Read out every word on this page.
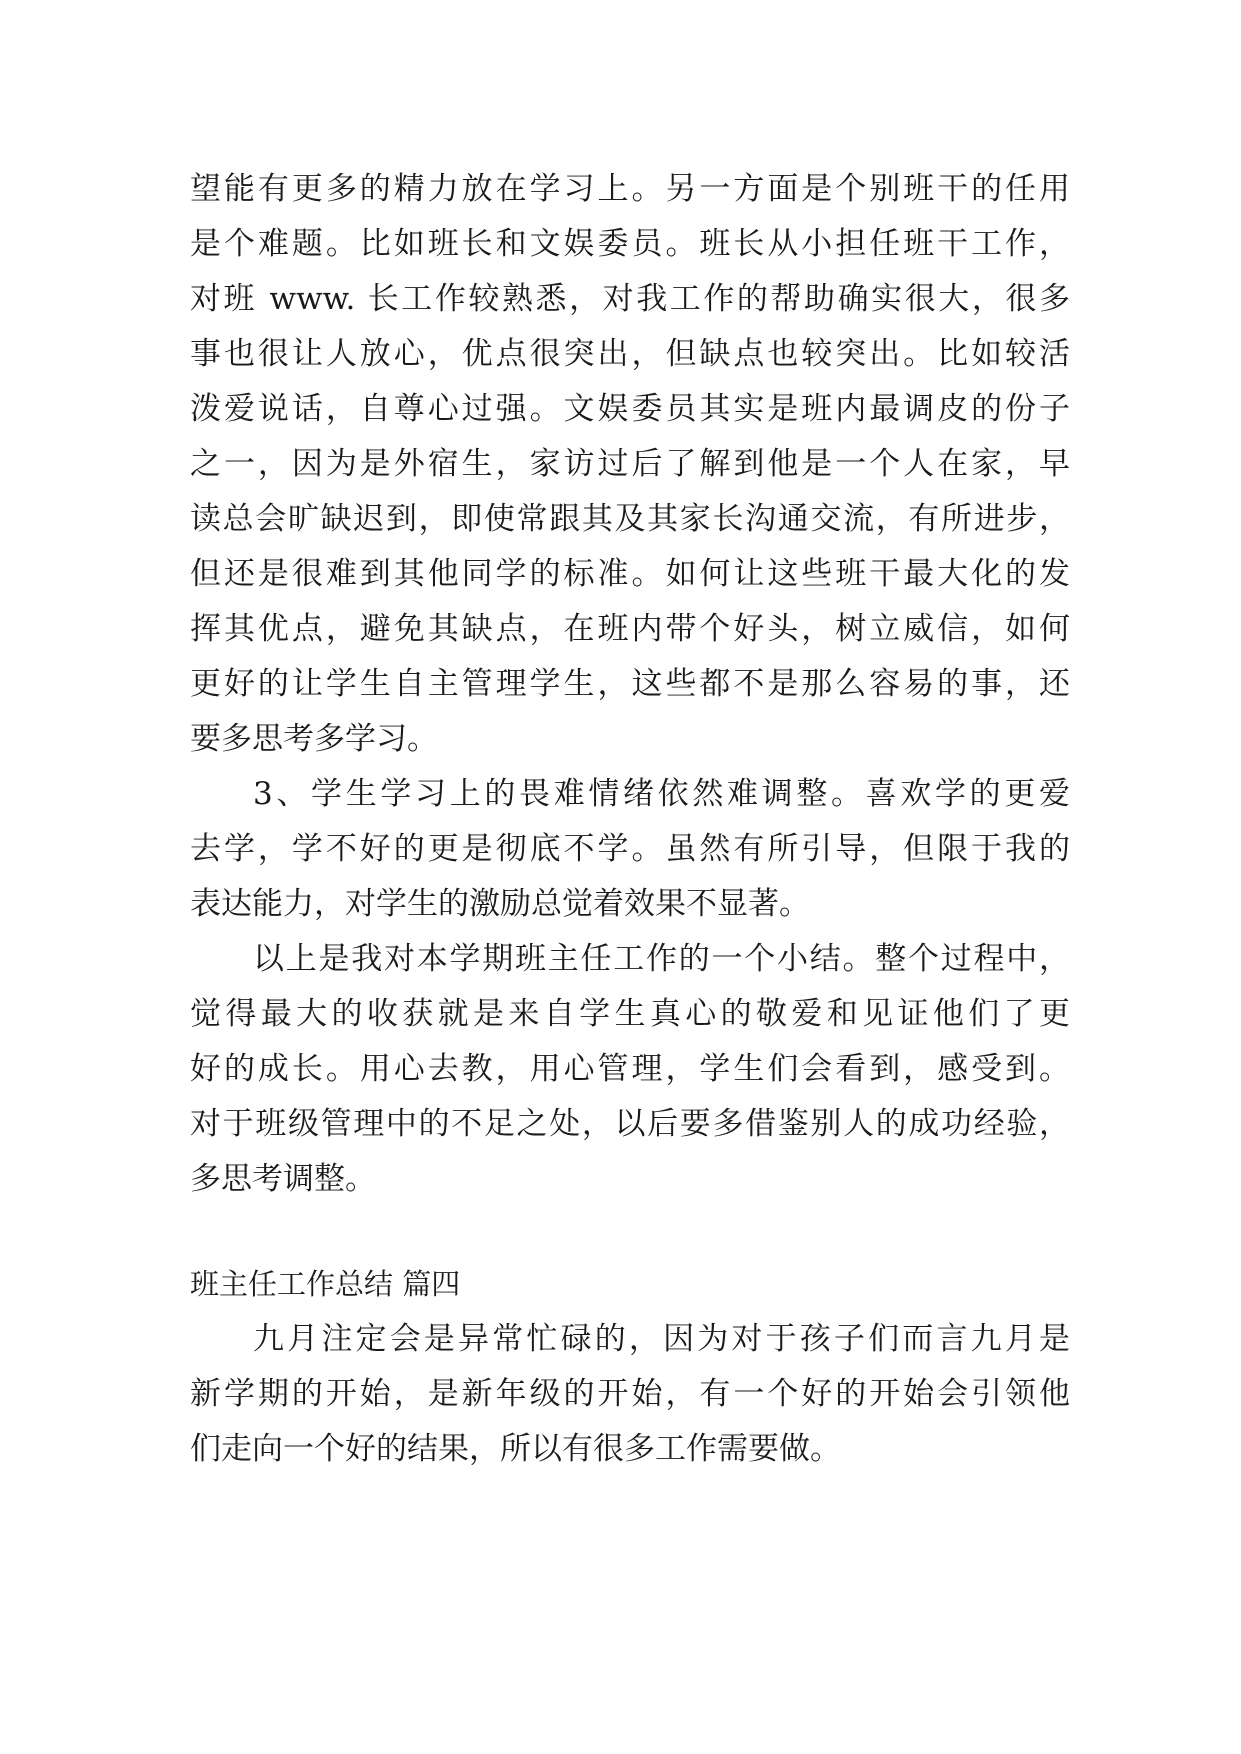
望能有更多的精力放在学习上。另一方面是个别班干的任用
是个难题。比如班长和文娱委员。班长从小担任班干工作，
对班 www. 长工作较熟悉，对我工作的帮助确实很大，很多
事也很让人放心，优点很突出，但缺点也较突出。比如较活
泼爱说话，自尊心过强。文娱委员其实是班内最调皮的份子
之一，因为是外宿生，家访过后了解到他是一个人在家，早
读总会旷缺迟到，即使常跟其及其家长沟通交流，有所进步，
但还是很难到其他同学的标准。如何让这些班干最大化的发
挥其优点，避免其缺点，在班内带个好头，树立威信，如何
更好的让学生自主管理学生，这些都不是那么容易的事，还
要多思考多学习。
3、学生学习上的畏难情绪依然难调整。喜欢学的更爱
去学，学不好的更是彻底不学。虽然有所引导，但限于我的
表达能力，对学生的激励总觉着效果不显著。
以上是我对本学期班主任工作的一个小结。整个过程中，
觉得最大的收获就是来自学生真心的敬爱和见证他们了更
好的成长。用心去教，用心管理，学生们会看到，感受到。
对于班级管理中的不足之处，以后要多借鉴别人的成功经验，
多思考调整。
班主任工作总结 篇四
九月注定会是异常忙碌的，因为对于孩子们而言九月是
新学期的开始，是新年级的开始，有一个好的开始会引领他
们走向一个好的结果，所以有很多工作需要做。
